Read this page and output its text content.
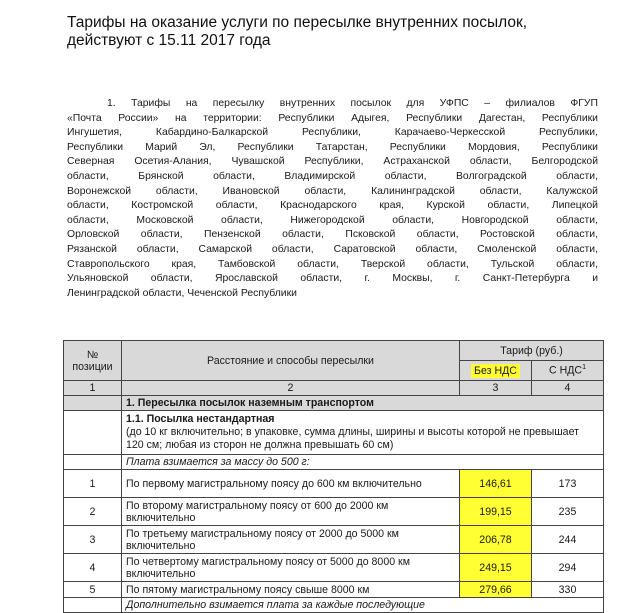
Тарифы на оказание услуги по пересылке внутренних посылок,
действуют с 15.11 2017 года
1. Тарифы на пересылку внутренних посылок для УФПС – филиалов ФГУП
«Почта России» на территории: Республики Адыгея, Республики Дагестан, Республики
Ингушетия, Кабардино-Балкарской Республики, Карачаево-Черкесской Республики,
Республики Марий Эл, Республики Татарстан, Республики Мордовия, Республики
Северная Осетия-Алания, Чувашской Республики, Астраханской области, Белгородской
области, Брянской области, Владимирской области, Волгоградской области,
Воронежской области, Ивановской области, Калининградской области, Калужской
области, Костромской области, Краснодарского края, Курской области, Липецкой
области, Московской области, Нижегородской области, Новгородской области,
Орловской области, Пензенской области, Псковской области, Ростовской области,
Рязанской области, Самарской области, Саратовской области, Смоленской области,
Ставропольского края, Тамбовской области, Тверской области, Тульской области,
Ульяновской области, Ярославской области, г. Москвы, г. Санкт-Петербурга и
Ленинградской области, Чеченской Республики
№ позиции	Расстояние и способы пересылки	Тариф (руб.)	
		Без НДС	С НДС$^1$
1	2	3	4
	1. Пересылка посылок наземным транспортом		

	1.1. Посылка нестандартная
(до 10 кг включительно; в упаковке, сумма длины, ширины и высоты которой не превышает 120 см; любая из сторон не должна превышать 60 см)		

	Плата взимается за массу до 500 г:		
1	По первому магистральному поясу до 600 км включительно	146,61	173
2	По второму магистральному поясу от 600 до 2000 км включительно	199,15	235
3	По третьему магистральному поясу от 2000 до 5000 км включительно	206,78	244
4	По четвертому магистральному поясу от 5000 до 8000 км включительно	249,15	294
5	По пятому магистральному поясу свыше 8000 км	279,66	330
	Дополнительно взимается плата за каждые последующие		
